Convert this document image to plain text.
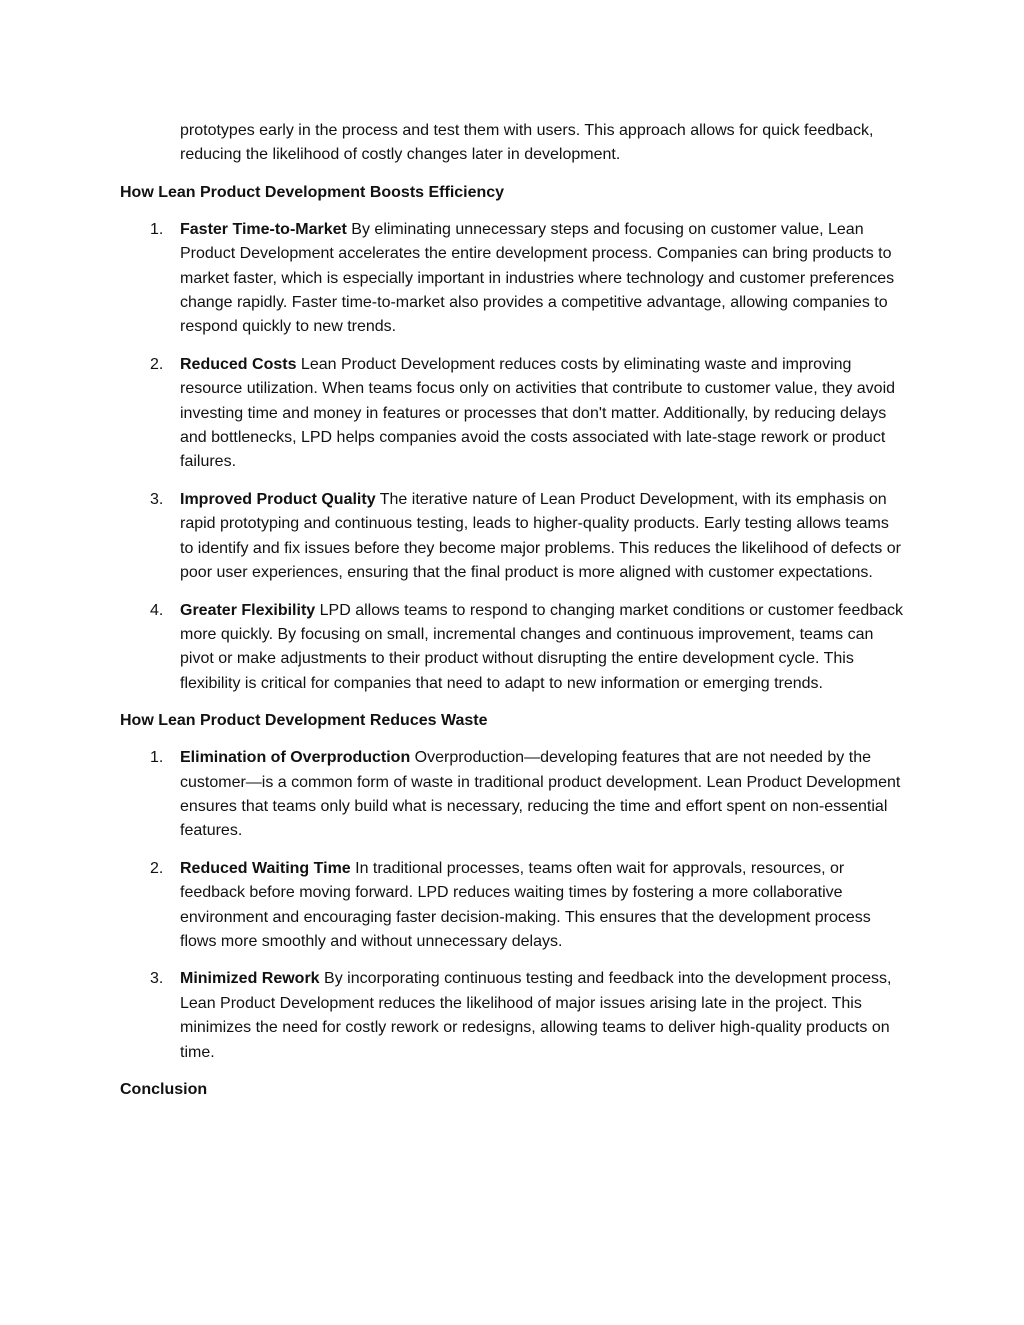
prototypes early in the process and test them with users. This approach allows for quick feedback, reducing the likelihood of costly changes later in development.

How Lean Product Development Boosts Efficiency
1. Faster Time-to-Market By eliminating unnecessary steps and focusing on customer value, Lean Product Development accelerates the entire development process. Companies can bring products to market faster, which is especially important in industries where technology and customer preferences change rapidly. Faster time-to-market also provides a competitive advantage, allowing companies to respond quickly to new trends.
2. Reduced Costs Lean Product Development reduces costs by eliminating waste and improving resource utilization. When teams focus only on activities that contribute to customer value, they avoid investing time and money in features or processes that don't matter. Additionally, by reducing delays and bottlenecks, LPD helps companies avoid the costs associated with late-stage rework or product failures.
3. Improved Product Quality The iterative nature of Lean Product Development, with its emphasis on rapid prototyping and continuous testing, leads to higher-quality products. Early testing allows teams to identify and fix issues before they become major problems. This reduces the likelihood of defects or poor user experiences, ensuring that the final product is more aligned with customer expectations.
4. Greater Flexibility LPD allows teams to respond to changing market conditions or customer feedback more quickly. By focusing on small, incremental changes and continuous improvement, teams can pivot or make adjustments to their product without disrupting the entire development cycle. This flexibility is critical for companies that need to adapt to new information or emerging trends.
How Lean Product Development Reduces Waste
1. Elimination of Overproduction Overproduction—developing features that are not needed by the customer—is a common form of waste in traditional product development. Lean Product Development ensures that teams only build what is necessary, reducing the time and effort spent on non-essential features.
2. Reduced Waiting Time In traditional processes, teams often wait for approvals, resources, or feedback before moving forward. LPD reduces waiting times by fostering a more collaborative environment and encouraging faster decision-making. This ensures that the development process flows more smoothly and without unnecessary delays.
3. Minimized Rework By incorporating continuous testing and feedback into the development process, Lean Product Development reduces the likelihood of major issues arising late in the project. This minimizes the need for costly rework or redesigns, allowing teams to deliver high-quality products on time.
Conclusion
